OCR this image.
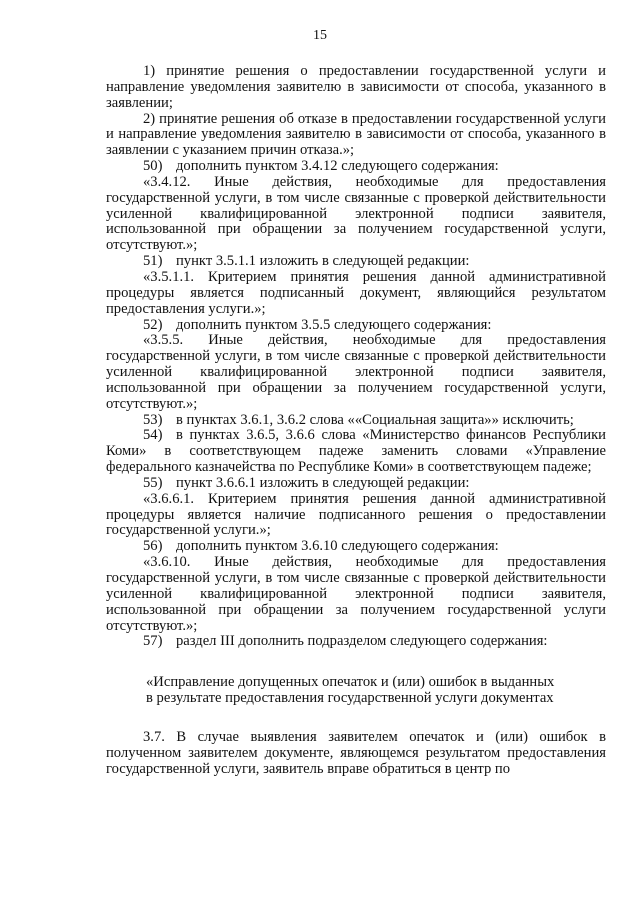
15

1) принятие решения о предоставлении государственной услуги и направление уведомления заявителю в зависимости от способа, указанного в заявлении;

2) принятие решения об отказе в предоставлении государственной услуги и направление уведомления заявителю в зависимости от способа, указанного в заявлении с указанием причин отказа.»;

50) дополнить пунктом 3.4.12 следующего содержания:

«3.4.12. Иные действия, необходимые для предоставления государственной услуги, в том числе связанные с проверкой действительности усиленной квалифицированной электронной подписи заявителя, использованной при обращении за получением государственной услуги, отсутствуют.»;

51) пункт 3.5.1.1 изложить в следующей редакции:

«3.5.1.1. Критерием принятия решения данной административной процедуры является подписанный документ, являющийся результатом предоставления услуги.»;

52) дополнить пунктом 3.5.5 следующего содержания:

«3.5.5. Иные действия, необходимые для предоставления государственной услуги, в том числе связанные с проверкой действительности усиленной квалифицированной электронной подписи заявителя, использованной при обращении за получением государственной услуги, отсутствуют.»;

53) в пунктах 3.6.1, 3.6.2 слова ««Социальная защита»» исключить;

54) в пунктах 3.6.5, 3.6.6 слова «Министерство финансов Республики Коми» в соответствующем падеже заменить словами «Управление федерального казначейства по Республике Коми» в соответствующем падеже;

55) пункт 3.6.6.1 изложить в следующей редакции:

«3.6.6.1. Критерием принятия решения данной административной процедуры является наличие подписанного решения о предоставлении государственной услуги.»;

56) дополнить пунктом 3.6.10 следующего содержания:

«3.6.10. Иные действия, необходимые для предоставления государственной услуги, в том числе связанные с проверкой действительности усиленной квалифицированной электронной подписи заявителя, использованной при обращении за получением государственной услуги отсутствуют.»;

57) раздел III дополнить подразделом следующего содержания:

«Исправление допущенных опечаток и (или) ошибок в выданных
в результате предоставления государственной услуги документах

3.7. В случае выявления заявителем опечаток и (или) ошибок в полученном заявителем документе, являющемся результатом предоставления государственной услуги, заявитель вправе обратиться в центр по
